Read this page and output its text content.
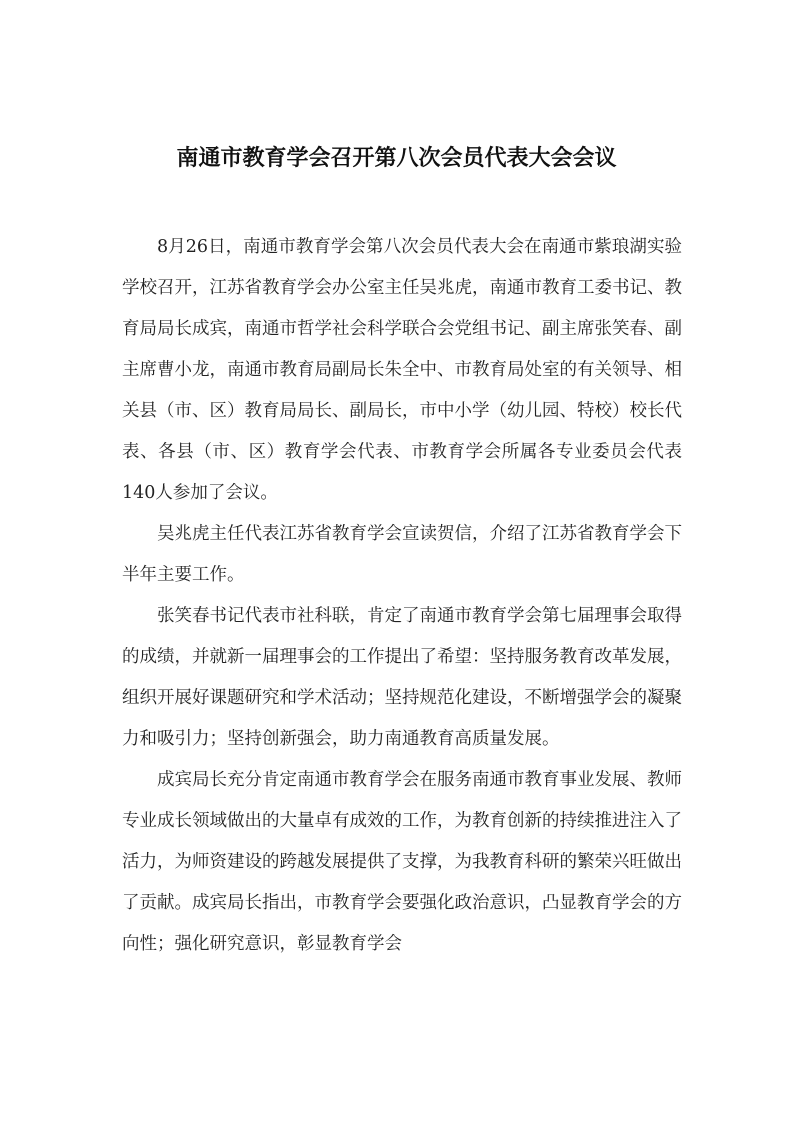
南通市教育学会召开第八次会员代表大会会议

8月26日，南通市教育学会第八次会员代表大会在南通市紫琅湖实验学校召开，江苏省教育学会办公室主任吴兆虎，南通市教育工委书记、教育局局长成宾，南通市哲学社会科学联合会党组书记、副主席张笑春、副主席曹小龙，南通市教育局副局长朱全中、市教育局处室的有关领导、相关县（市、区）教育局局长、副局长，市中小学（幼儿园、特校）校长代表、各县（市、区）教育学会代表、市教育学会所属各专业委员会代表140人参加了会议。

吴兆虎主任代表江苏省教育学会宣读贺信，介绍了江苏省教育学会下半年主要工作。

张笑春书记代表市社科联，肯定了南通市教育学会第七届理事会取得的成绩，并就新一届理事会的工作提出了希望：坚持服务教育改革发展，组织开展好课题研究和学术活动；坚持规范化建设，不断增强学会的凝聚力和吸引力；坚持创新强会，助力南通教育高质量发展。

成宾局长充分肯定南通市教育学会在服务南通市教育事业发展、教师专业成长领域做出的大量卓有成效的工作，为教育创新的持续推进注入了活力，为师资建设的跨越发展提供了支撑，为我教育科研的繁荣兴旺做出了贡献。成宾局长指出，市教育学会要强化政治意识，凸显教育学会的方向性；强化研究意识，彰显教育学会
